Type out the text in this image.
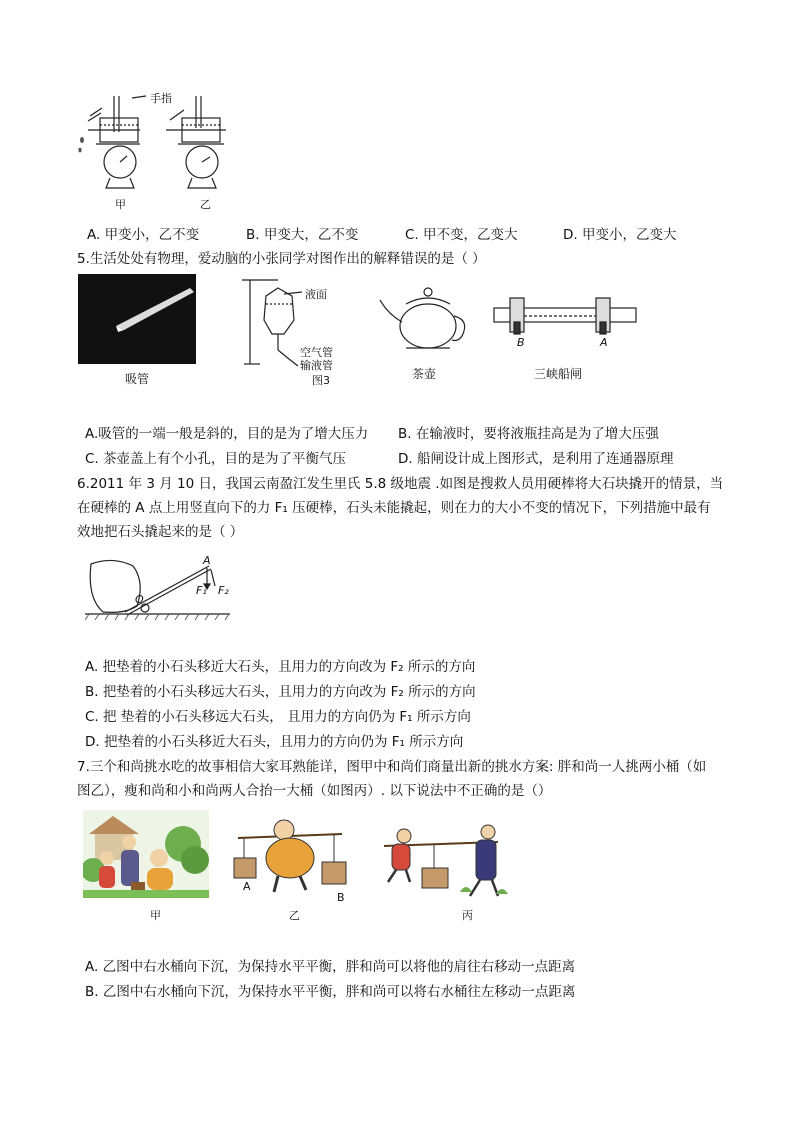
手指
甲	乙
A. 甲变小，乙不变	B. 甲变大，乙不变	C. 甲不变，乙变大	D. 甲变小，乙变大
5.生活处处有物理，爱动脑的小张同学对图作出的解释错误的是（ ）
吸管
液面
空气管
输液管
图3	茶壶
B	A
三峡船闸
A.吸管的一端一般是斜的，目的是为了增大压力 B. 在输液时，要将液瓶挂高是为了增大压强
C. 茶壶盖上有个小孔，目的是为了平衡气压	D. 船闸设计成上图形式，是利用了连通器原理
6.2011 年 3 月 10 日，我国云南盈江发生里氏 5.8 级地震 .如图是搜救人员用硬棒将大石块撬开的情景，当
在硬棒的 A 点上用竖直向下的力 F₁ 压硬棒，石头未能撬起，则在力的大小不变的情况下，下列措施中最有
效地把石头撬起来的是（ ）
A
O
F₁ F₂
A. 把垫着的小石头移近大石头，且用力的方向改为 F₂ 所示的方向
B. 把垫着的小石头移远大石头，且用力的方向改为 F₂ 所示的方向
C. 把 垫着的小石头移远大石头， 且用力的方向仍为 F₁ 所示方向
D. 把垫着的小石头移近大石头，且用力的方向仍为 F₁ 所示方向
7.三个和尚挑水吃的故事相信大家耳熟能详，图甲中和尚们商量出新的挑水方案: 胖和尚一人挑两小桶（如
图乙），瘦和尚和小和尚两人合抬一大桶（如图丙）. 以下说法中不正确的是（）
甲
A
B
乙	丙
A. 乙图中右水桶向下沉，为保持水平平衡，胖和尚可以将他的肩往右移动一点距离
B. 乙图中右水桶向下沉，为保持水平平衡，胖和尚可以将右水桶往左移动一点距离
